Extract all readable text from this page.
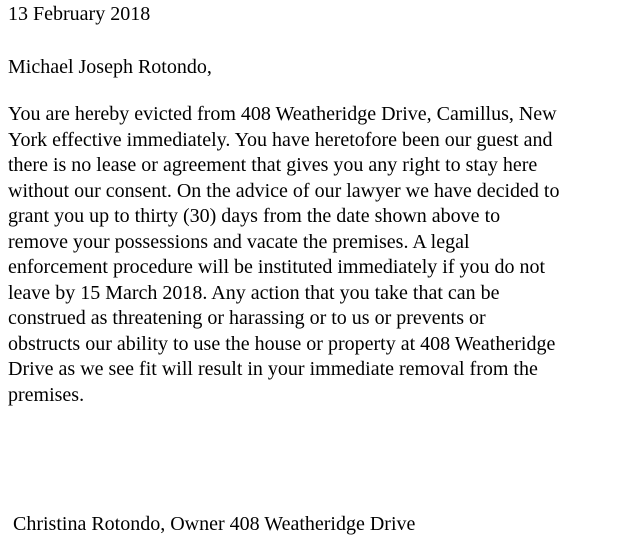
13 February 2018
Michael Joseph Rotondo,
You are hereby evicted from 408 Weatheridge Drive, Camillus, New
York effective immediately. You have heretofore been our guest and
there is no lease or agreement that gives you any right to stay here
without our consent. On the advice of our lawyer we have decided to
grant you up to thirty (30) days from the date shown above to
remove your possessions and vacate the premises. A legal
enforcement procedure will be instituted immediately if you do not
leave by 15 March 2018. Any action that you take that can be
construed as threatening or harassing or to us or prevents or
obstructs our ability to use the house or property at 408 Weatheridge
Drive as we see fit will result in your immediate removal from the
premises.
Christina Rotondo, Owner 408 Weatheridge Drive
